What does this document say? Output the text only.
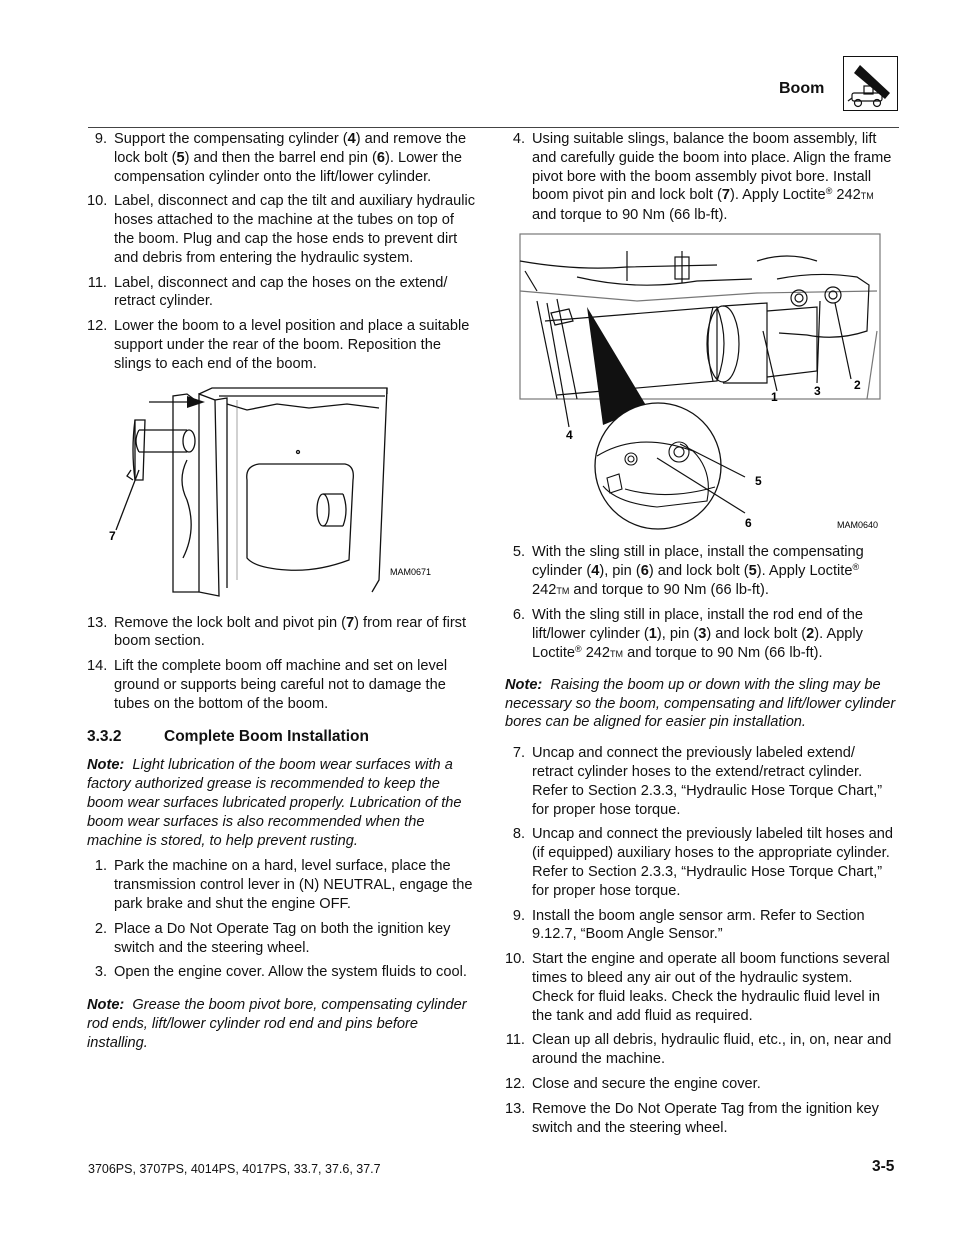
Boom
9. Support the compensating cylinder (4) and remove the lock bolt (5) and then the barrel end pin (6). Lower the compensation cylinder onto the lift/lower cylinder.
10. Label, disconnect and cap the tilt and auxiliary hydraulic hoses attached to the machine at the tubes on top of the boom. Plug and cap the hose ends to prevent dirt and debris from entering the hydraulic system.
11. Label, disconnect and cap the hoses on the extend/ retract cylinder.
12. Lower the boom to a level position and place a suitable support under the rear of the boom. Reposition the slings to each end of the boom.
7
MAM0671
13. Remove the lock bolt and pivot pin (7) from rear of first boom section.
14. Lift the complete boom off machine and set on level ground or supports being careful not to damage the tubes on the bottom of the boom.
3.3.2	Complete Boom Installation
Note: Light lubrication of the boom wear surfaces with a factory authorized grease is recommended to keep the boom wear surfaces lubricated properly. Lubrication of the boom wear surfaces is also recommended when the machine is stored, to help prevent rusting.
1. Park the machine on a hard, level surface, place the transmission control lever in (N) NEUTRAL, engage the park brake and shut the engine OFF.
2. Place a Do Not Operate Tag on both the ignition key switch and the steering wheel.
3. Open the engine cover. Allow the system fluids to cool.
Note: Grease the boom pivot bore, compensating cylinder rod ends, lift/lower cylinder rod end and pins before installing.
4. Using suitable slings, balance the boom assembly, lift and carefully guide the boom into place. Align the frame pivot bore with the boom assembly pivot bore. Install boom pivot pin and lock bolt (7). Apply Loctite® 242TM and torque to 90 Nm (66 lb-ft).
1
2
3
4
5
6	MAM0640
5. With the sling still in place, install the compensating cylinder (4), pin (6) and lock bolt (5). Apply Loctite® 242TM and torque to 90 Nm (66 lb-ft).
6. With the sling still in place, install the rod end of the lift/lower cylinder (1), pin (3) and lock bolt (2). Apply Loctite® 242TM and torque to 90 Nm (66 lb-ft).
Note: Raising the boom up or down with the sling may be necessary so the boom, compensating and lift/lower cylinder bores can be aligned for easier pin installation.
7. Uncap and connect the previously labeled extend/ retract cylinder hoses to the extend/retract cylinder. Refer to Section 2.3.3, “Hydraulic Hose Torque Chart,” for proper hose torque.
8. Uncap and connect the previously labeled tilt hoses and (if equipped) auxiliary hoses to the appropriate cylinder. Refer to Section 2.3.3, “Hydraulic Hose Torque Chart,” for proper hose torque.
9. Install the boom angle sensor arm. Refer to Section 9.12.7, “Boom Angle Sensor.”
10. Start the engine and operate all boom functions several times to bleed any air out of the hydraulic system. Check for fluid leaks. Check the hydraulic fluid level in the tank and add fluid as required.
11. Clean up all debris, hydraulic fluid, etc., in, on, near and around the machine.
12. Close and secure the engine cover.
13. Remove the Do Not Operate Tag from the ignition key switch and the steering wheel.
3706PS, 3707PS, 4014PS, 4017PS, 33.7, 37.6, 37.7	3-5
